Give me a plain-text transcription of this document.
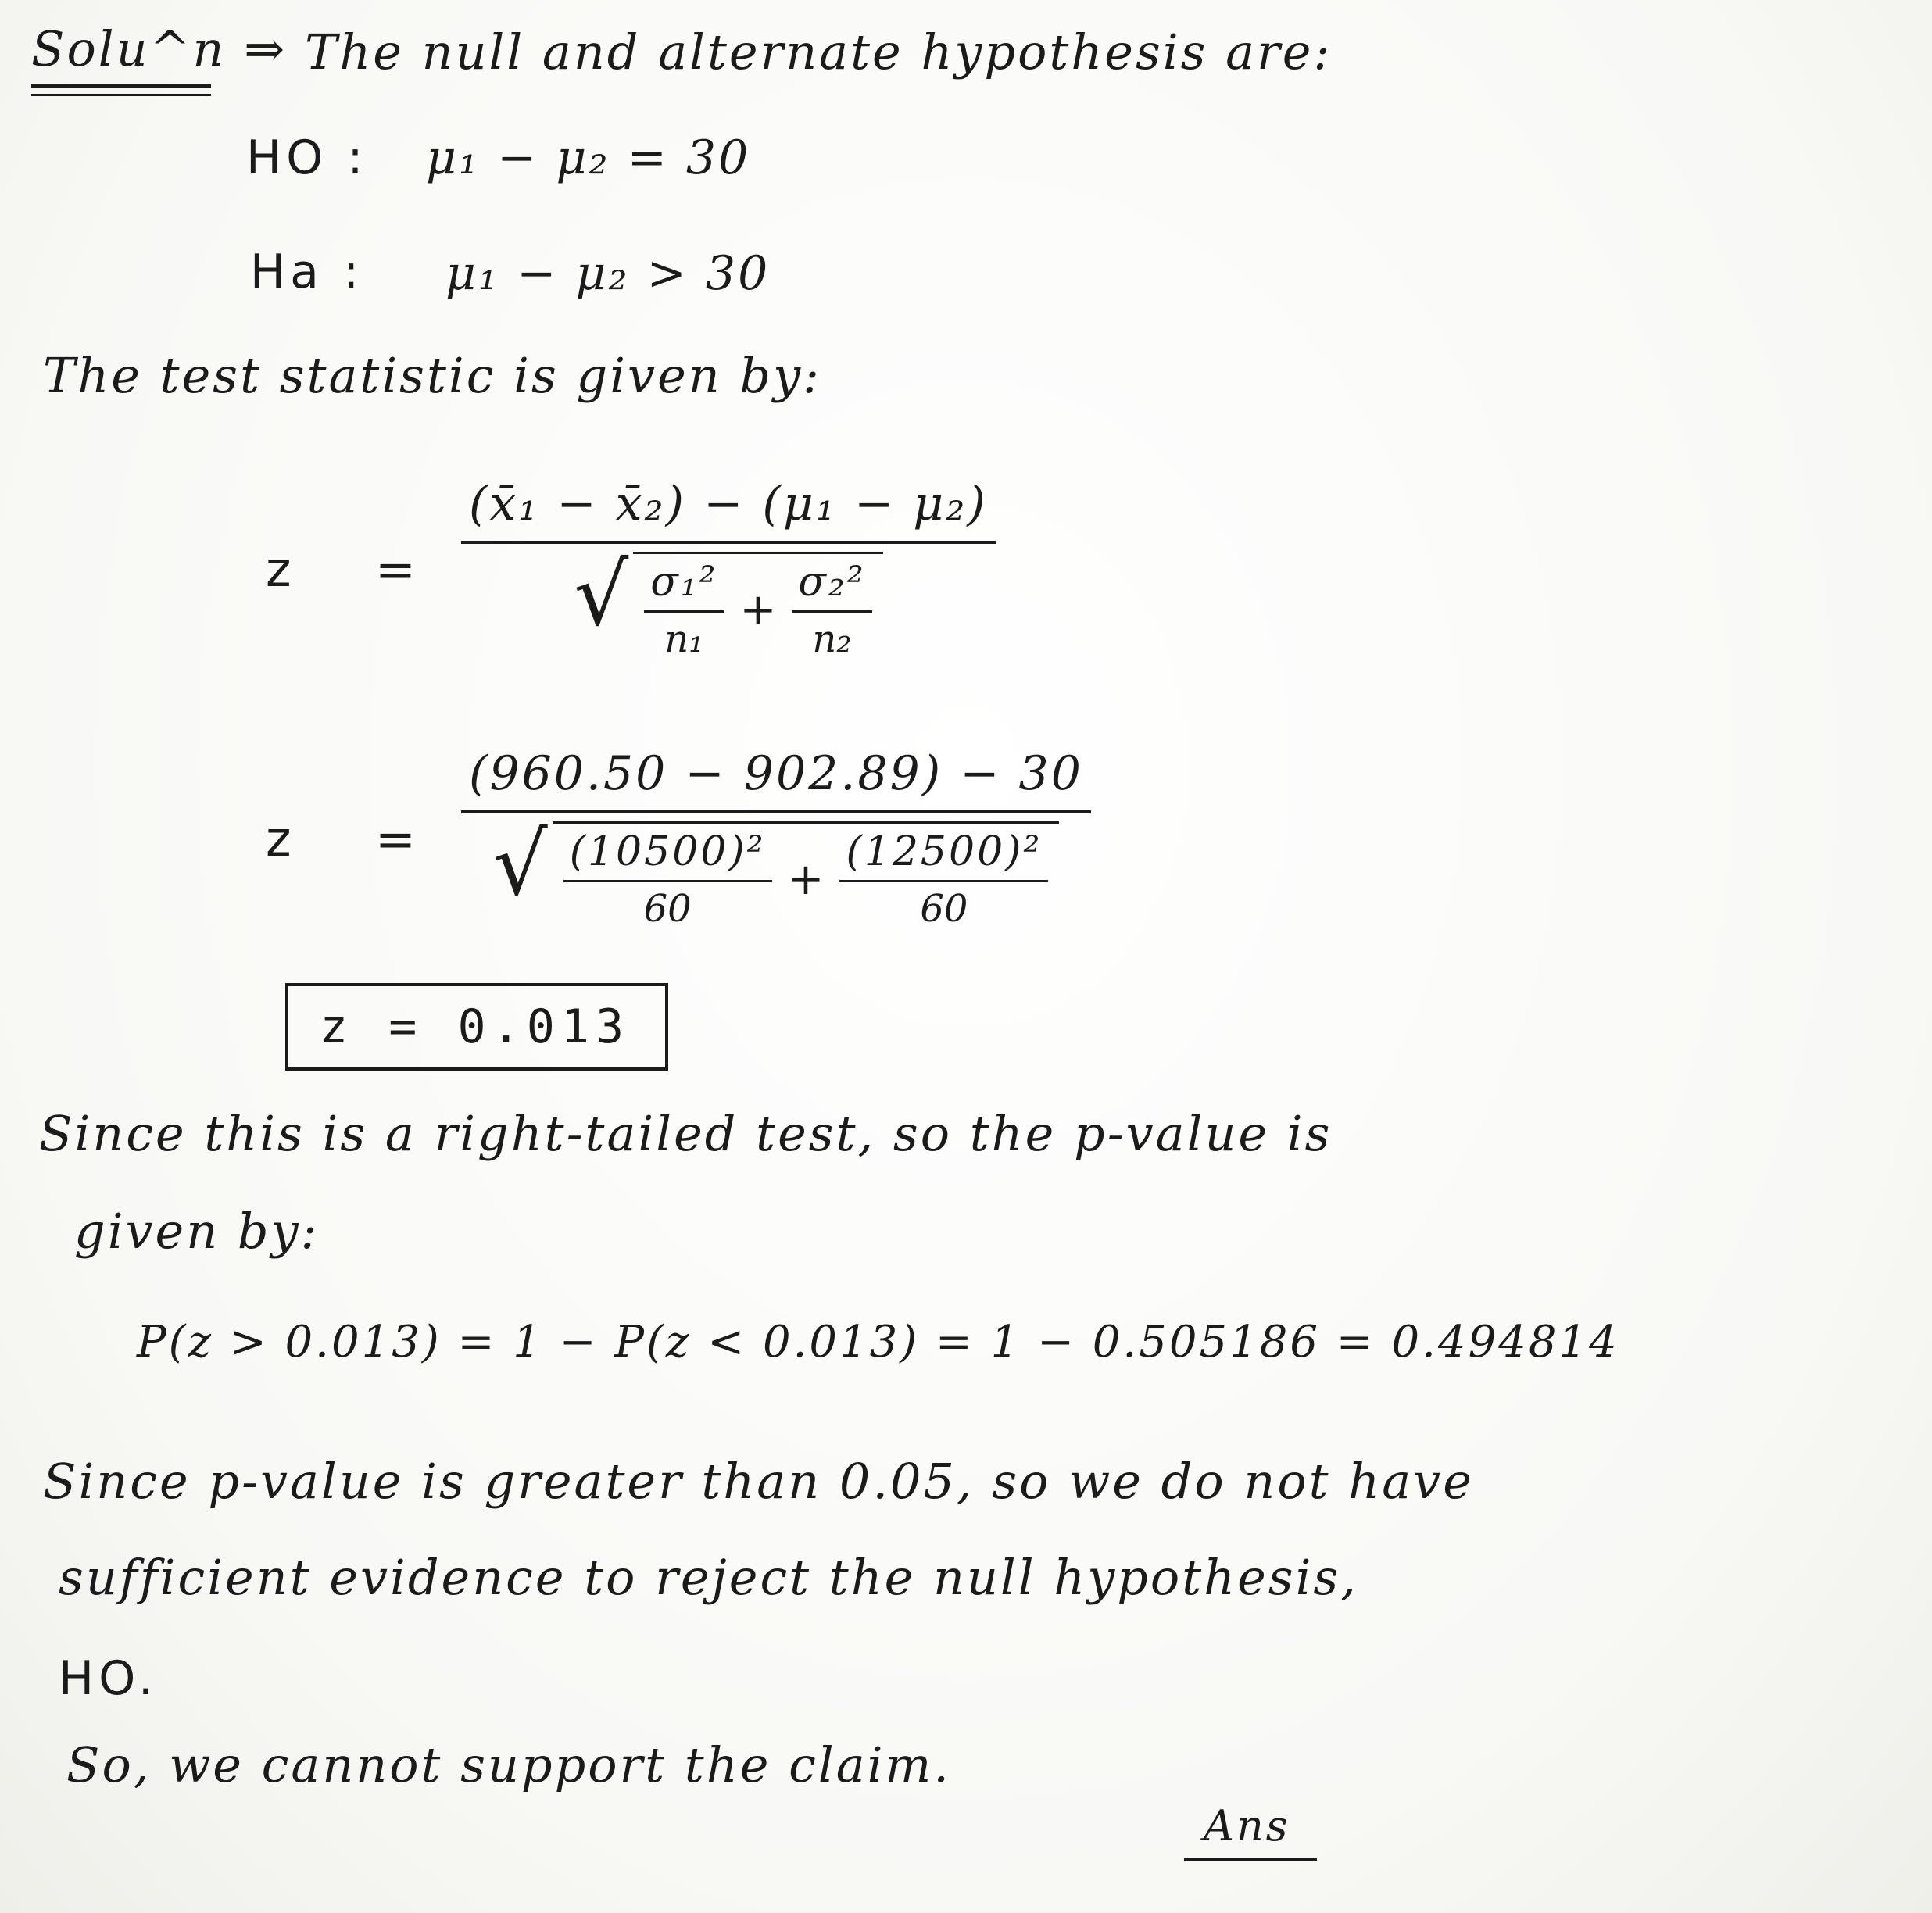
Solu^n ⇒ The null and alternate hypothesis are:
HO : μ₁ − μ₂ = 30
Ha : μ₁ − μ₂ > 30
The test statistic is given by:
z	=
(x̄₁ − x̄₂) − (μ₁ − μ₂)
√ σ₁²
n₁
+
σ₂²
n₂
z	=
(960.50 − 902.89) − 30
√ (10500)²
60
+
(12500)²
60
z = 0.013
Since this is a right-tailed test, so the p-value is
given by:
P(z > 0.013) = 1 − P(z < 0.013) = 1 − 0.505186 = 0.494814
Since p-value is greater than 0.05, so we do not have
sufficient evidence to reject the null hypothesis,
HO.
So, we cannot support the claim.
Ans
